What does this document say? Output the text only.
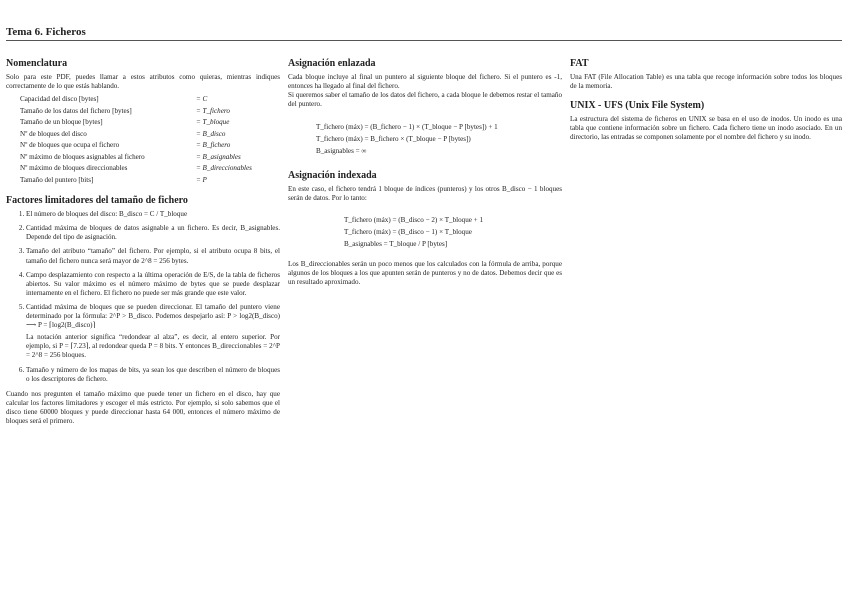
Tema 6. Ficheros
Nomenclatura

Solo para este PDF, puedes llamar a estos atributos como quieras, mientras indiques correctamente de lo que estás hablando.

Capacidad del disco [bytes]	= C
Tamaño de los datos del fichero [bytes]	= T_fichero
Tamaño de un bloque [bytes]	= T_bloque
Nº de bloques del disco	= B_disco
Nº de bloques que ocupa el fichero	= B_fichero
Nº máximo de bloques asignables al fichero	= B_asignables
Nº máximo de bloques direccionables	= B_direccionables
Tamaño del puntero [bits]	= P
Factores limitadores del tamaño de fichero
1. El número de bloques del disco: B_disco = C / T_bloque
2. Cantidad máxima de bloques de datos asignable a un fichero. Es decir, B_asignables. Depende del tipo de asignación.
3. Tamaño del atributo “tamaño” del fichero. Por ejemplo, si el atributo ocupa 8 bits, el tamaño del fichero nunca será mayor de 2^8 = 256 bytes.
4. Campo desplazamiento con respecto a la última operación de E/S, de la tabla de ficheros abiertos. Su valor máximo es el número máximo de bytes que se puede desplazar internamente en el fichero. El fichero no puede ser más grande que este valor.
5. Cantidad máxima de bloques que se pueden direccionar. El tamaño del puntero viene determinado por la fórmula: 2^P > B_disco. Podemos despejarlo así: P > log2(B_disco) ⟶ P = ⌈log2(B_disco)⌉
La notación anterior significa “redondear al alza”, es decir, al entero superior. Por ejemplo, si P = ⌈7.23⌉, al redondear queda P = 8 bits. Y entonces B_direccionables = 2^P = 2^8 = 256 bloques.
6. Tamaño y número de los mapas de bits, ya sean los que describen el número de bloques o los descriptores de fichero.

Cuando nos pregunten el tamaño máximo que puede tener un fichero en el disco, hay que calcular los factores limitadores y escoger el más estricto. Por ejemplo, si solo sabemos que el disco tiene 60000 bloques y puede direccionar hasta 64 000, entonces el número máximo de bloques será el primero.

Asignación enlazada

Cada bloque incluye al final un puntero al siguiente bloque del fichero. Si el puntero es -1, entonces ha llegado al final del fichero.

Si queremos saber el tamaño de los datos del fichero, a cada bloque le debemos restar el tamaño del puntero.

T_fichero (máx) = (B_fichero − 1) × (T_bloque − P [bytes]) + 1
T_fichero (máx) = B_fichero × (T_bloque − P [bytes])
B_asignables = ∞
Asignación indexada

En este caso, el fichero tendrá 1 bloque de índices (punteros) y los otros B_disco − 1 bloques serán de datos. Por lo tanto:

T_fichero (máx) = (B_disco − 2) × T_bloque + 1
T_fichero (máx) = (B_disco − 1) × T_bloque
B_asignables = T_bloque / P [bytes]

Los B_direccionables serán un poco menos que los calculados con la fórmula de arriba, porque algunos de los bloques a los que apunten serán de punteros y no de datos. Debemos decir que es un resultado aproximado.

FAT

Una FAT (File Allocation Table) es una tabla que recoge información sobre todos los bloques de la memoria.

UNIX - UFS (Unix File System)

La estructura del sistema de ficheros en UNIX se basa en el uso de inodos. Un inodo es una tabla que contiene información sobre un fichero. Cada fichero tiene un inodo asociado. En un directorio, las entradas se componen solamente por el nombre del fichero y su inodo.
